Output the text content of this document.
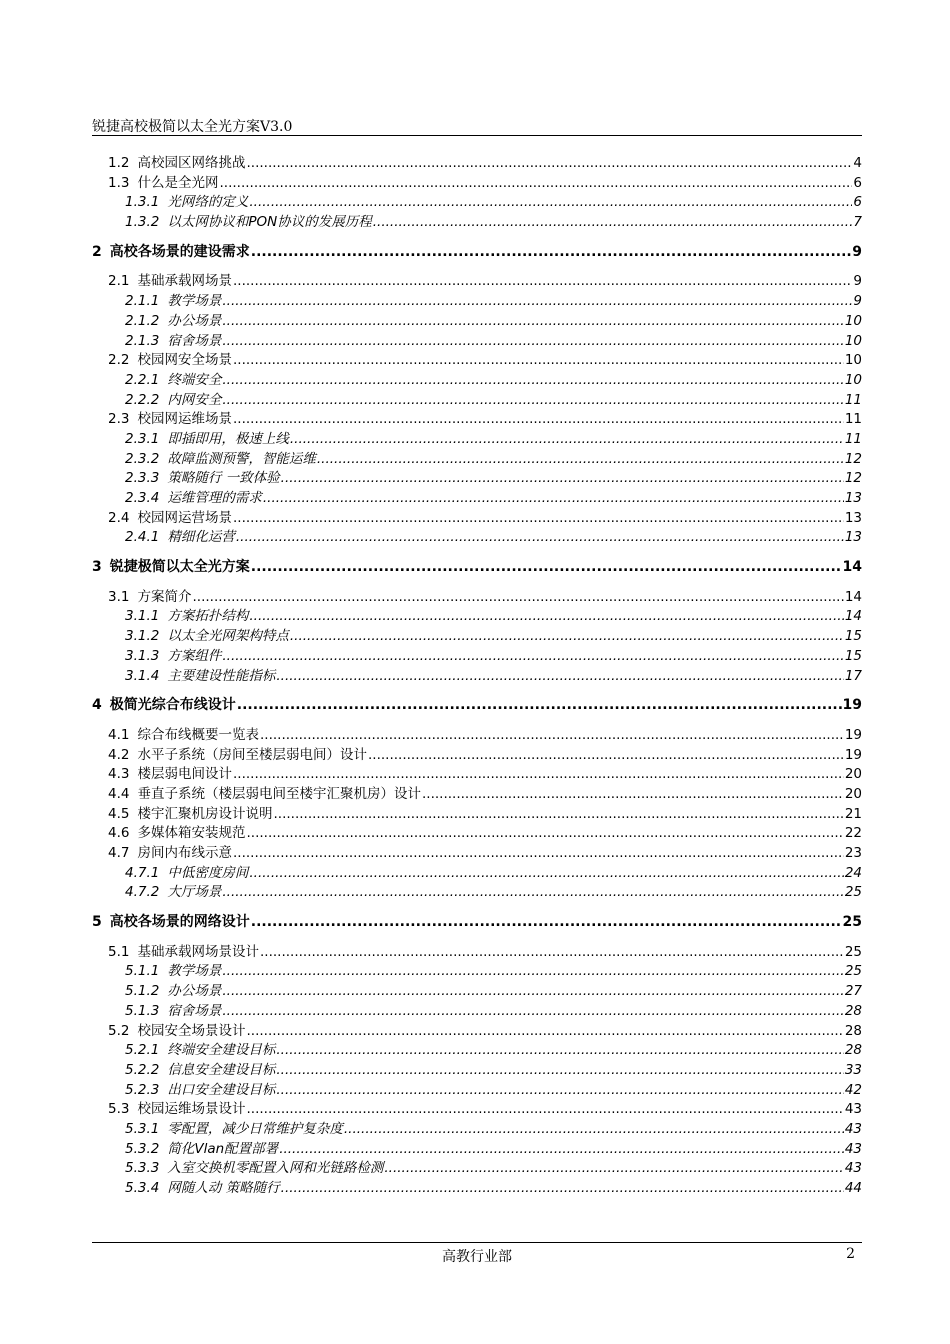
锐捷高校极简以太全光方案V3.0
1.2 高校园区网络挑战 .....	4
1.3 什么是全光网 .....	6
1.3.1 光网络的定义 .....	6
1.3.2 以太网协议和PON协议的发展历程 .....	7
2 高校各场景的建设需求 .....	9
2.1 基础承载网场景 .....	9
2.1.1 教学场景 .....	9
2.1.2 办公场景 .....	10
2.1.3 宿舍场景 .....	10
2.2 校园网安全场景 .....	10
2.2.1 终端安全 .....	10
2.2.2 内网安全 .....	11
2.3 校园网运维场景 .....	11
2.3.1 即插即用，极速上线 .....	11
2.3.2 故障监测预警，智能运维 .....	12
2.3.3 策略随行 一致体验 .....	12
2.3.4 运维管理的需求 .....	13
2.4 校园网运营场景 .....	13
2.4.1 精细化运营 .....	13
3 锐捷极简以太全光方案 .....	14
3.1 方案简介 .....	14
3.1.1 方案拓扑结构 .....	14
3.1.2 以太全光网架构特点 .....	15
3.1.3 方案组件 .....	15
3.1.4 主要建设性能指标 .....	17
4 极简光综合布线设计 .....	19
4.1 综合布线概要一览表 .....	19
4.2 水平子系统（房间至楼层弱电间）设计 .....	19
4.3 楼层弱电间设计 .....	20
4.4 垂直子系统（楼层弱电间至楼宇汇聚机房）设计 .....	20
4.5 楼宇汇聚机房设计说明 .....	21
4.6 多媒体箱安装规范 .....	22
4.7 房间内布线示意 .....	23
4.7.1 中低密度房间 .....	24
4.7.2 大厅场景 .....	25
5 高校各场景的网络设计 .....	25
5.1 基础承载网场景设计 .....	25
5.1.1 教学场景 .....	25
5.1.2 办公场景 .....	27
5.1.3 宿舍场景 .....	28
5.2 校园安全场景设计 .....	28
5.2.1 终端安全建设目标 .....	28
5.2.2 信息安全建设目标 .....	33
5.2.3 出口安全建设目标 .....	42
5.3 校园运维场景设计 .....	43
5.3.1 零配置，减少日常维护复杂度 .....	43
5.3.2 简化Vlan配置部署 .....	43
5.3.3 入室交换机零配置入网和光链路检测 .....	43
5.3.4 网随人动 策略随行 .....	44
高教行业部	2
